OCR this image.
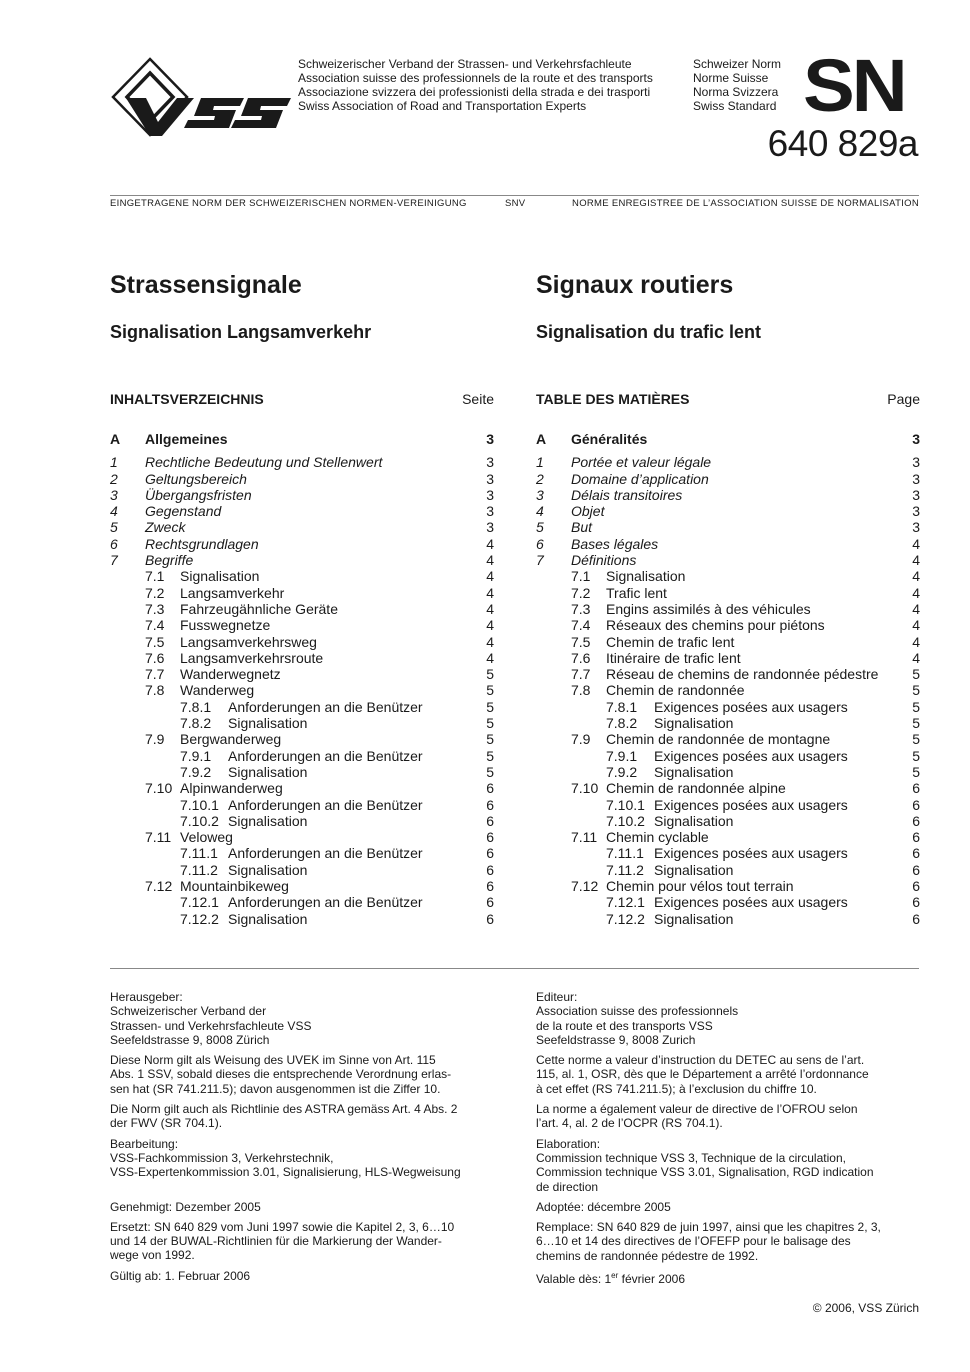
Schweizerischer Verband der Strassen- und Verkehrsfachleute
Association suisse des professionnels de la route et des transports
Associazione svizzera dei professionisti della strada e dei trasporti
Swiss Association of Road and Transportation Experts
Schweizer Norm
Norme Suisse
Norma Svizzera
Swiss Standard SN
640 829a
EINGETRAGENE NORM DER SCHWEIZERISCHEN NORMEN-VEREINIGUNG	SNV	NORME ENREGISTREE DE L’ASSOCIATION SUISSE DE NORMALISATION
Strassensignale	Signaux routiers
Signalisation Langsamverkehr	Signalisation du trafic lent
INHALTSVERZEICHNIS	Seite
A Allgemeines	3
1 Rechtliche Bedeutung und Stellenwert	3
2 Geltungsbereich	3
3 Übergangsfristen	3
4 Gegenstand	3
5 Zweck	3
6 Rechtsgrundlagen	4
7 Begriffe	4
7.1 Signalisation	4
7.2 Langsamverkehr	4
7.3 Fahrzeugähnliche Geräte	4
7.4 Fusswegnetze	4
7.5 Langsamverkehrsweg	4
7.6 Langsamverkehrsroute	4
7.7 Wanderwegnetz	5
7.8 Wanderweg	5
7.8.1 Anforderungen an die Benützer	5
7.8.2 Signalisation	5
7.9 Bergwanderweg	5
7.9.1 Anforderungen an die Benützer	5
7.9.2 Signalisation	5
7.10 Alpinwanderweg	6
7.10.1 Anforderungen an die Benützer	6
7.10.2 Signalisation	6
7.11 Veloweg	6
7.11.1 Anforderungen an die Benützer	6
7.11.2 Signalisation	6
7.12 Mountainbikeweg	6
7.12.1 Anforderungen an die Benützer	6
7.12.2 Signalisation	6
TABLE DES MATIÈRES	Page
A Généralités	3
1 Portée et valeur légale	3
2 Domaine d’application	3
3 Délais transitoires	3
4 Objet	3
5 But	3
6 Bases légales	4
7 Définitions	4
7.1 Signalisation	4
7.2 Trafic lent	4
7.3 Engins assimilés à des véhicules	4
7.4 Réseaux des chemins pour piétons	4
7.5 Chemin de trafic lent	4
7.6 Itinéraire de trafic lent	4
7.7 Réseau de chemins de randonnée pédestre 5
7.8 Chemin de randonnée	5
7.8.1 Exigences posées aux usagers	5
7.8.2 Signalisation	5
7.9 Chemin de randonnée de montagne	5
7.9.1 Exigences posées aux usagers	5
7.9.2 Signalisation	5
7.10 Chemin de randonnée alpine	6
7.10.1 Exigences posées aux usagers	6
7.10.2 Signalisation	6
7.11 Chemin cyclable	6
7.11.1 Exigences posées aux usagers	6
7.11.2 Signalisation	6
7.12 Chemin pour vélos tout terrain	6
7.12.1 Exigences posées aux usagers	6
7.12.2 Signalisation	6

Herausgeber:
Schweizerischer Verband der
Strassen- und Verkehrsfachleute VSS
Seefeldstrasse 9, 8008 Zürich

Diese Norm gilt als Weisung des UVEK im Sinne von Art. 115
Abs. 1 SSV, sobald dieses die entsprechende Verordnung erlas-
sen hat (SR 741.211.5); davon ausgenommen ist die Ziffer 10.

Die Norm gilt auch als Richtlinie des ASTRA gemäss Art. 4 Abs. 2
der FWV (SR 704.1).

Bearbeitung:
VSS-Fachkommission 3, Verkehrstechnik,
VSS-Expertenkommission 3.01, Signalisierung, HLS-Wegweisung

Genehmigt: Dezember 2005

Ersetzt: SN 640 829 vom Juni 1997 sowie die Kapitel 2, 3, 6…10
und 14 der BUWAL-Richtlinien für die Markierung der Wander-
wege von 1992.

Gültig ab: 1. Februar 2006

Editeur:
Association suisse des professionnels
de la route et des transports VSS
Seefeldstrasse 9, 8008 Zurich

Cette norme a valeur d’instruction du DETEC au sens de l’art.
115, al. 1, OSR, dès que le Département a arrêté l’ordonnance
à cet effet (RS 741.211.5); à l’exclusion du chiffre 10.

La norme a également valeur de directive de l’OFROU selon
l’art. 4, al. 2 de l’OCPR (RS 704.1).

Elaboration:
Commission technique VSS 3, Technique de la circulation,
Commission technique VSS 3.01, Signalisation, RGD indication
de direction

Adoptée: décembre 2005

Remplace: SN 640 829 de juin 1997, ainsi que les chapitres 2, 3,
6…10 et 14 des directives de l’OFEFP pour le balisage des
chemins de randonnée pédestre de 1992.

Valable dès: 1er février 2006

© 2006, VSS Zürich
